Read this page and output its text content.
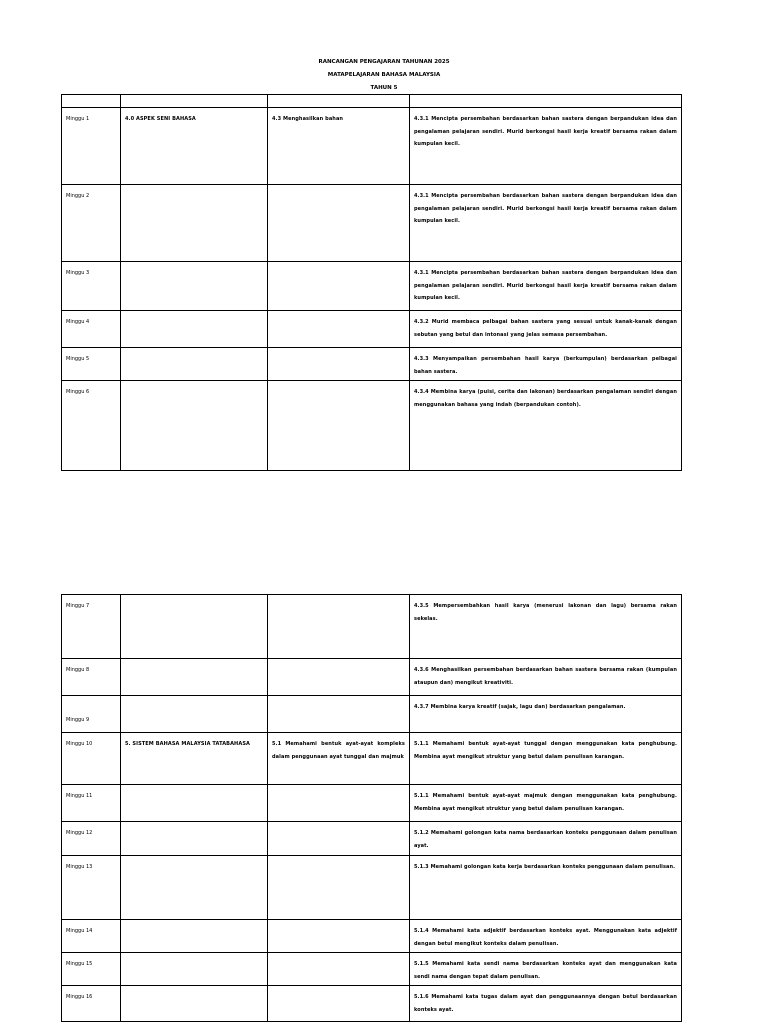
RANCANGAN PENGAJARAN TAHUNAN 2025
MATAPELAJARAN BAHASA MALAYSIA
TAHUN 5

Minggu 1	4.0 ASPEK SENI BAHASA	4.3 Menghasilkan bahan	4.3.1 Mencipta persembahan berdasarkan bahan sastera dengan berpandukan idea dan pengalaman pelajaran sendiri. Murid berkongsi hasil kerja kreatif bersama rakan dalam kumpulan kecil.
Minggu 2			4.3.1 Mencipta persembahan berdasarkan bahan sastera dengan berpandukan idea dan pengalaman pelajaran sendiri. Murid berkongsi hasil kerja kreatif bersama rakan dalam kumpulan kecil.
Minggu 3			4.3.1 Mencipta persembahan berdasarkan bahan sastera dengan berpandukan idea dan pengalaman pelajaran sendiri. Murid berkongsi hasil kerja kreatif bersama rakan dalam kumpulan kecil.
Minggu 4			4.3.2 Murid membaca pelbagai bahan sastera yang sesuai untuk kanak-kanak dengan sebutan yang betul dan intonasi yang jelas semasa persembahan.
Minggu 5			4.3.3 Menyampaikan persembahan hasil karya (berkumpulan) berdasarkan pelbagai bahan sastera.
Minggu 6			4.3.4 Membina karya (puisi, cerita dan lakonan) berdasarkan pengalaman sendiri dengan menggunakan bahasa yang indah (berpandukan contoh).
Minggu 7			4.3.5 Mempersembahkan hasil karya (menerusi lakonan dan lagu) bersama rakan sekelas.
Minggu 8			4.3.6 Menghasilkan persembahan berdasarkan bahan sastera bersama rakan (kumpulan ataupun dan) mengikut kreativiti.
Minggu 9			4.3.7 Membina karya kreatif (sajak, lagu dan) berdasarkan pengalaman.
Minggu 10	5. SISTEM BAHASA MALAYSIA TATABAHASA	5.1 Memahami bentuk ayat-ayat kompleks dalam penggunaan ayat tunggal dan majmuk	5.1.1 Memahami bentuk ayat-ayat tunggal dengan menggunakan kata penghubung. Membina ayat mengikut struktur yang betul dalam penulisan karangan.
Minggu 11			5.1.1 Memahami bentuk ayat-ayat majmuk dengan menggunakan kata penghubung. Membina ayat mengikut struktur yang betul dalam penulisan karangan.
Minggu 12			5.1.2 Memahami golongan kata nama berdasarkan konteks penggunaan dalam penulisan ayat.
Minggu 13			5.1.3 Memahami golongan kata kerja berdasarkan konteks penggunaan dalam penulisan.
Minggu 14			5.1.4 Memahami kata adjektif berdasarkan konteks ayat. Menggunakan kata adjektif dengan betul mengikut konteks dalam penulisan.
Minggu 15			5.1.5 Memahami kata sendi nama berdasarkan konteks ayat dan menggunakan kata sendi nama dengan tepat dalam penulisan.
Minggu 16			5.1.6 Memahami kata tugas dalam ayat dan penggunaannya dengan betul berdasarkan konteks ayat.
